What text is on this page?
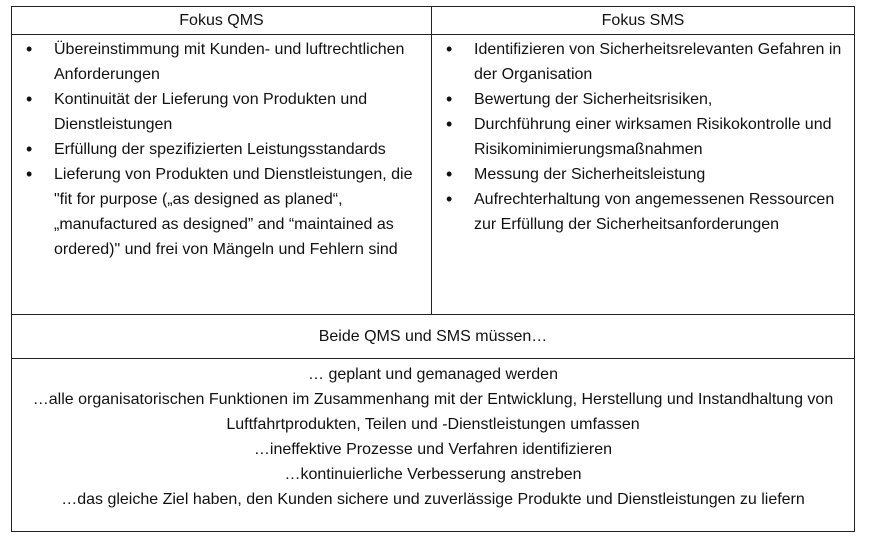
Fokus QMS	Fokus SMS
• Übereinstimmung mit Kunden- und luftrechtlichen Anforderungen
• Kontinuität der Lieferung von Produkten und Dienstleistungen
• Erfüllung der spezifizierten Leistungsstandards
• Lieferung von Produkten und Dienstleistungen, die "fit for purpose („as designed as planed“, „manufactured as designed” and “maintained as ordered)" und frei von Mängeln und Fehlern sind
• Identifizieren von Sicherheitsrelevanten Gefahren in der Organisation
• Bewertung der Sicherheitsrisiken,
• Durchführung einer wirksamen Risikokontrolle und Risikominimierungsmaßnahmen
• Messung der Sicherheitsleistung
• Aufrechterhaltung von angemessenen Ressourcen zur Erfüllung der Sicherheitsanforderungen
Beide QMS und SMS müssen…
… geplant und gemanaged werden
…alle organisatorischen Funktionen im Zusammenhang mit der Entwicklung, Herstellung und Instandhaltung von Luftfahrtprodukten, Teilen und -Dienstleistungen umfassen
…ineffektive Prozesse und Verfahren identifizieren
…kontinuierliche Verbesserung anstreben
…das gleiche Ziel haben, den Kunden sichere und zuverlässige Produkte und Dienstleistungen zu liefern
